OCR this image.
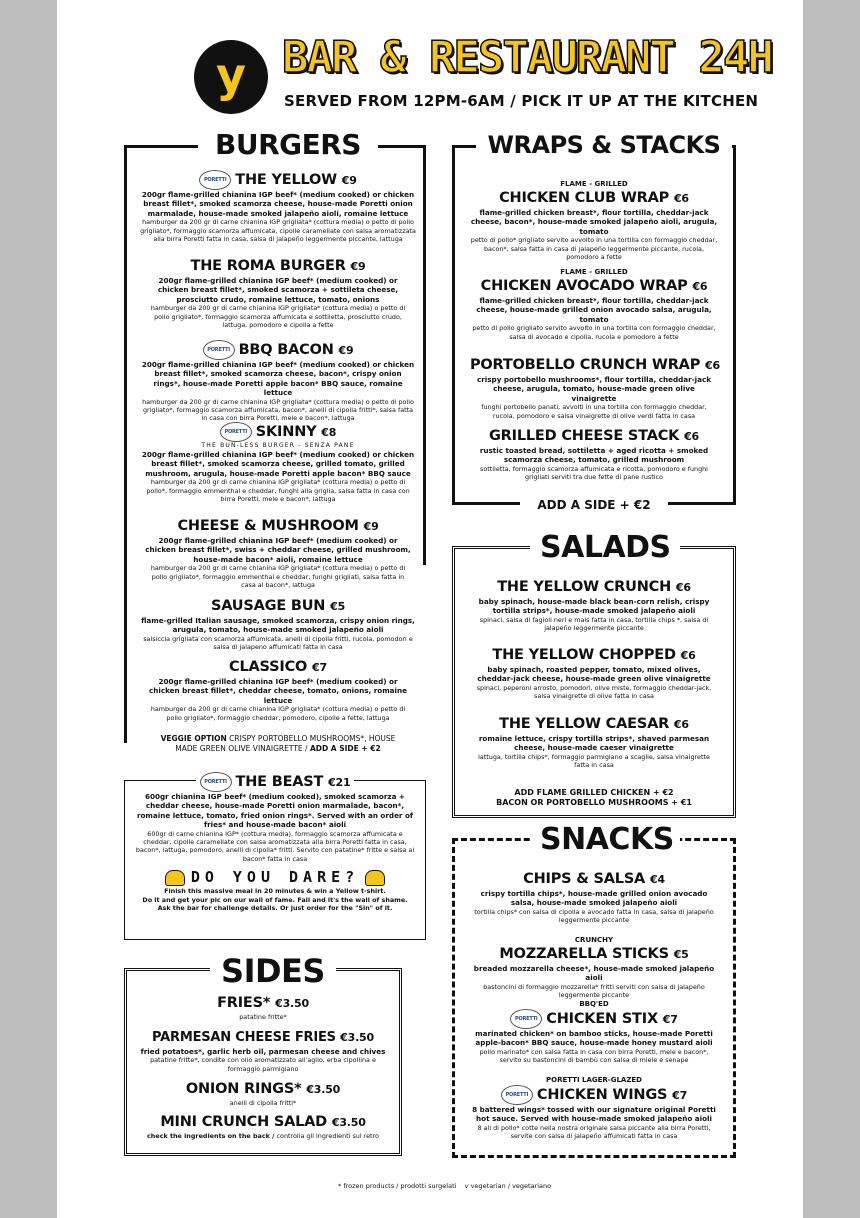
y BAR & RESTAURANT 24H
SERVED FROM 12PM-6AM / PICK IT UP AT THE KITCHEN
BURGERS
PORETTI THE YELLOW €9
200gr flame-grilled chianina IGP beef* (medium cooked) or chicken breast fillet*, smoked scamorza cheese, house-made Poretti onion marmalade, house-made smoked jalapeño aioli, romaine lettuce
hamburger da 200 gr di carne chianina IGP grigliata* (cottura media) o petto di pollo grigliato*, formaggio scamorza affumicata, cipolle caramellate con salsa aromatizzata alla birra Poretti fatta in casa, salsa di jalapeño leggermente piccante, lattuga
THE ROMA BURGER €9
200gr flame-grilled chianina IGP beef* (medium cooked) or chicken breast fillet*, smoked scamorza + sottileta cheese, prosciutto crudo, romaine lettuce, tomato, onions
hamburger da 200 gr di carne chianina IGP grigliata* (cottura media) o petto di pollo grigliato*, formaggio scamorza affumicata e sottiletta, prosciutto crudo, lattuga, pomodoro e cipolla a fette
PORETTI BBQ BACON €9
200gr flame-grilled chianina IGP beef* (medium cooked) or chicken breast fillet*, smoked scamorza cheese, bacon*, crispy onion rings*, house-made Poretti apple bacon* BBQ sauce, romaine lettuce
hamburger da 200 gr di carne chianina IGP grigliata* (cottura media) o petto di pollo grigliato*, formaggio scamorza affumicata, bacon*, anelli di cipolla fritti*, salsa fatta in casa con birra Poretti, mele e bacon*, lattuga
PORETTI SKINNY €8
THE BUN-LESS BURGER - SENZA PANE
200gr flame-grilled chianina IGP beef* (medium cooked) or chicken breast fillet*, smoked scamorza cheese, grilled tomato, grilled mushroom, arugula, house-made Poretti apple bacon* BBQ sauce
hamburger da 200 gr di carne chianina IGP grigliata* (cottura media) o petto di pollo*, formaggio emmenthal e cheddar, funghi alla griglia, salsa fatta in casa con birra Poretti, mele e bacon*, lattuga
CHEESE & MUSHROOM €9
200gr flame-grilled chianina IGP beef* (medium cooked) or chicken breast fillet*, swiss + cheddar cheese, grilled mushroom, house-made bacon* aioli, romaine lettuce
hamburger da 200 gr di carne chianina IGP grigliata* (cottura media) o petto di pollo grigliato*, formaggio emmenthal e cheddar, funghi grigliati, salsa fatta in casa al bacon*, lattuga
SAUSAGE BUN €5
flame-grilled Italian sausage, smoked scamorza, crispy onion rings, arugula, tomato, house-made smoked jalapeño aioli
salsiccia grigliata con scamorza affumicata, anelli di cipolla fritti, rucola, pomodori e salsa di jalapeno affumicati fatta in casa
CLASSICO €7
200gr flame-grilled chianina IGP beef* (medium cooked) or chicken breast fillet*, cheddar cheese, tomato, onions, romaine lettuce
hamburger da 200 gr di carne chianina IGP grigliata* (cottura media) o petto di pollo grigliato*, formaggio cheddar, pomodoro, cipolle a fette, lattuga
VEGGIE OPTION CRISPY PORTOBELLO MUSHROOMS*, HOUSE MADE GREEN OLIVE VINAIGRETTE / ADD A SIDE + €2
PORETTI THE BEAST €21
600gr chianina IGP beef* (medium cooked), smoked scamorza + cheddar cheese, house-made Poretti onion marmalade, bacon*, romaine lettuce, tomato, fried onion rings*. Served with an order of fries* and house-made bacon* aioli
600gr di carne chianina IGP* (cottura media), formaggio scamorza affumicata e cheddar, cipolle caramellate con salsa aromatizzata alla birra Poretti fatta in casa, bacon*, lattuga, pomodoro, anelli di cipolla* fritti. Servito con patatine* fritte e salsa al bacon* fatta in casa
DO YOU DARE?
Finish this massive meal in 20 minutes & win a Yellow t-shirt.
Do it and get your pic on our wall of fame. Fail and it's the wall of shame.
Ask the bar for challenge details. Or just order for the "Sin" of it.
SIDES
FRIES* €3.50
patatine fritte*
PARMESAN CHEESE FRIES €3.50
fried potatoes*, garlic herb oil, parmesan cheese and chives
patatine fritte*, condite con olio aromatizzato all'aglio, erba cipollina e formaggio parmigiano
ONION RINGS* €3.50
anelli di cipolla fritti*
MINI CRUNCH SALAD €3.50
check the ingredients on the back / controlla gli ingredienti sul retro
WRAPS & STACKS
FLAME - GRILLED
CHICKEN CLUB WRAP €6
flame-grilled chicken breast*, flour tortilla, cheddar-jack cheese, bacon*, house-made smoked jalapeño aioli, arugula, tomato
petto di pollo* grigliato servito avvolto in una tortilla con formaggio cheddar, bacon*, salsa fatta in casa di jalapeño leggermente piccante, rucola, pomodoro a fette
FLAME - GRILLED
CHICKEN AVOCADO WRAP €6
flame-grilled chicken breast*, flour tortilla, cheddar-jack cheese, house-made grilled onion avocado salsa, arugula, tomato
petto di pollo grigliato servito avvolto in una tortilla con formaggio cheddar, salsa di avocado e cipolla, rucola e pomodoro a fette
PORTOBELLO CRUNCH WRAP €6
crispy portobello mushrooms*, flour tortilla, cheddar-jack cheese, arugula, tomato, house-made green olive vinaigrette
funghi portobello panati, avvolti in una tortilla con formaggio cheddar, rucola, pomodoro e salsa vinaigrette di olive verdi fatta in casa
GRILLED CHEESE STACK €6
rustic toasted bread, sottiletta + aged ricotta + smoked scamorza cheese, tomato, grilled mushroom
sottiletta, formaggio scamorza affumicata e ricotta, pomodoro e funghi grigliati serviti tra due fette di pane rustico
ADD A SIDE + €2
SALADS
THE YELLOW CRUNCH €6
baby spinach, house-made black bean-corn relish, crispy tortilla strips*, house-made smoked jalapeño aioli
spinaci, salsa di fagioli neri e mais fatta in casa, tortilla chips *, salsa di jalapeño leggermente piccante
THE YELLOW CHOPPED €6
baby spinach, roasted pepper, tomato, mixed olives, cheddar-jack cheese, house-made green olive vinaigrette
spinaci, peperoni arrosto, pomodori, olive miste, formaggio cheddar-jack, salsa vinaigrette di olive fatta in casa
THE YELLOW CAESAR €6
romaine lettuce, crispy tortilla strips*, shaved parmesan cheese, house-made caeser vinaigrette
lattuga, tortilla chips*, formaggio parmigiano a scaglie, salsa vinaigrette fatta in casa
ADD FLAME GRILLED CHICKEN + €2
BACON OR PORTOBELLO MUSHROOMS + €1
SNACKS
CHIPS & SALSA €4
crispy tortilla chips*, house-made grilled onion avocado salsa, house-made smoked jalapeño aioli
tortilla chips* con salsa di cipolla e avocado fatta in casa, salsa di jalapeño leggermente piccante
CRUNCHY
MOZZARELLA STICKS €5
breaded mozzarella cheese*, house-made smoked jalapeño aioli
bastoncini di formaggio mozzarella* fritti serviti con salsa di jalapeño leggermente piccante
BBQ'ED
PORETTI CHICKEN STIX €7
marinated chicken* on bamboo sticks, house-made Poretti apple-bacon* BBQ sauce, house-made honey mustard aioli
pollo marinato* con salsa fatta in casa con birra Poretti, mele e bacon*, servito su bastoncini di bambù con salsa di miele e senape
PORETTI LAGER-GLAZED
PORETTI CHICKEN WINGS €7
8 battered wings* tossed with our signature original Poretti hot sauce. Served with house-made smoked jalapeño aioli
8 ali di pollo* cotte nella nostra originale salsa piccante alla birra Poretti, servite con salsa di jalapeño affumicati fatta in casa
* frozen products / prodotti surgelati v vegetarian / vegetariano
